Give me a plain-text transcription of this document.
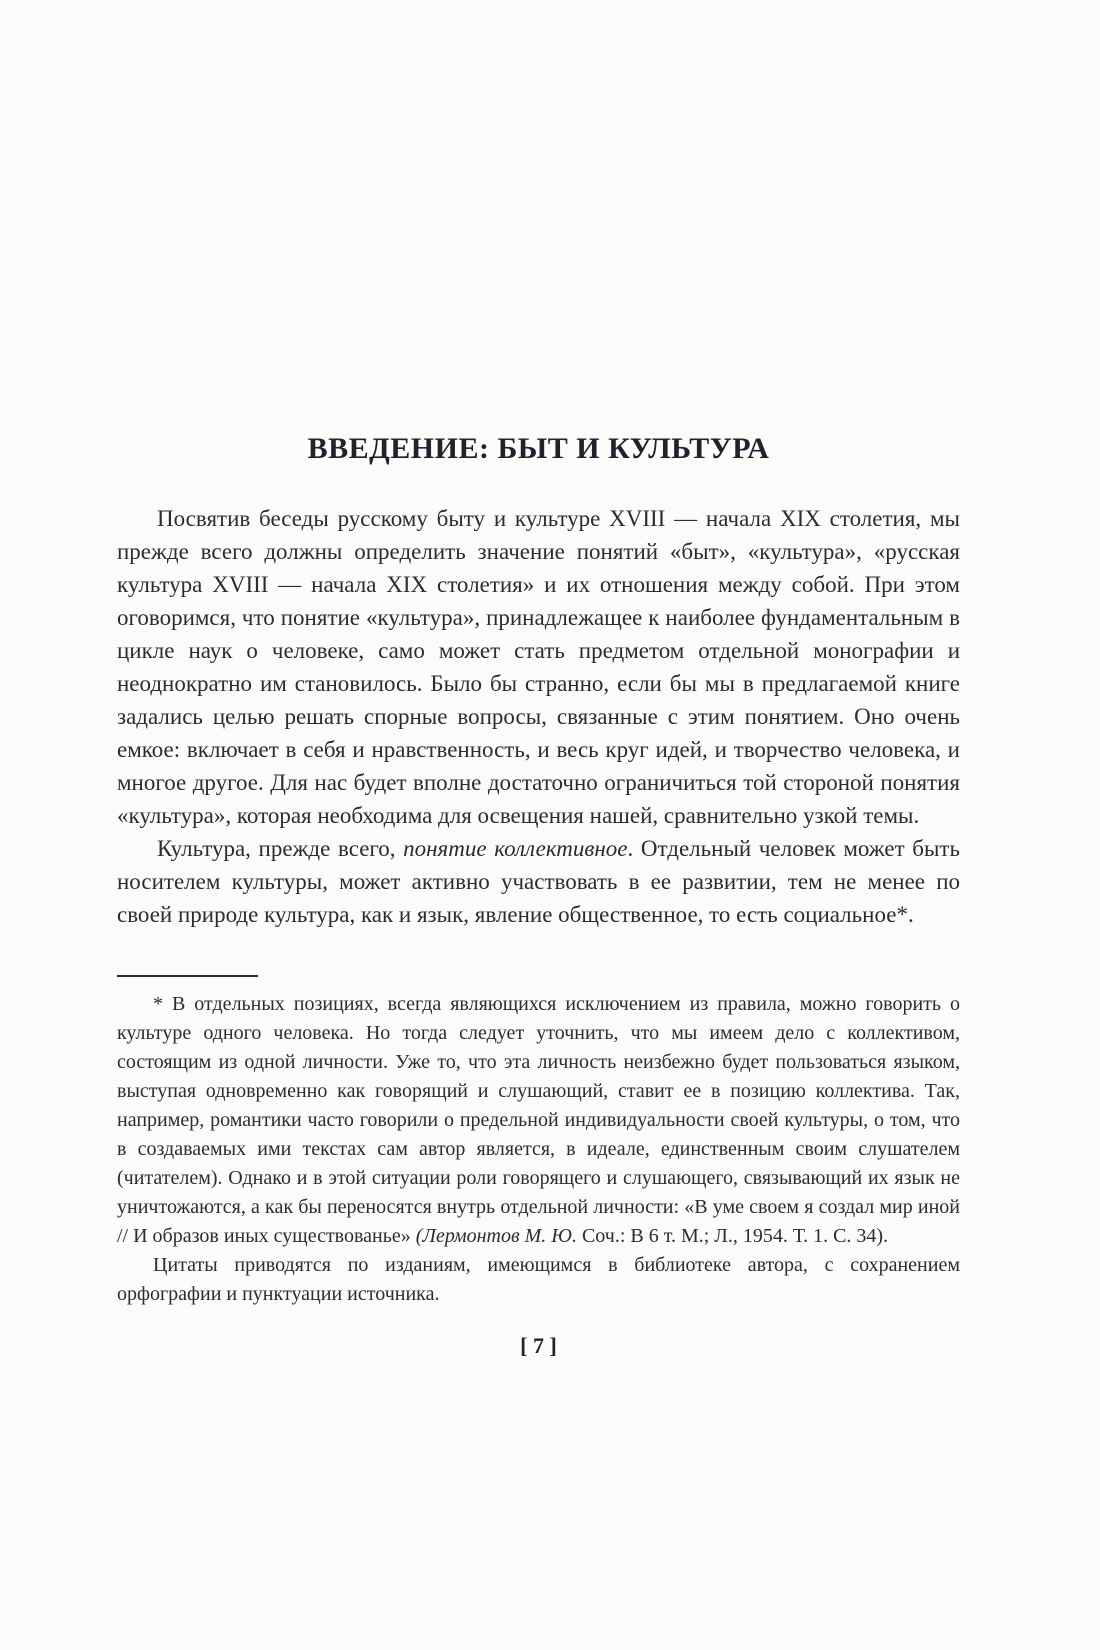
ВВЕДЕНИЕ: БЫТ И КУЛЬТУРА

Посвятив беседы русскому быту и культуре XVIII — начала XIX столетия, мы прежде всего должны определить значение понятий «быт», «культура», «русская культура XVIII — начала XIX столетия» и их отношения между собой. При этом оговоримся, что понятие «культура», принадлежащее к наиболее фундаментальным в цикле наук о человеке, само может стать предметом отдельной монографии и неоднократно им становилось. Было бы странно, если бы мы в предлагаемой книге задались целью решать спорные вопросы, связанные с этим понятием. Оно очень емкое: включает в себя и нравственность, и весь круг идей, и творчество человека, и многое другое. Для нас будет вполне достаточно ограничиться той стороной понятия «культура», которая необходима для освещения нашей, сравнительно узкой темы.

Культура, прежде всего, понятие коллективное. Отдельный человек может быть носителем культуры, может активно участвовать в ее развитии, тем не менее по своей природе культура, как и язык, явление общественное, то есть социальное*.

* В отдельных позициях, всегда являющихся исключением из правила, можно говорить о культуре одного человека. Но тогда следует уточнить, что мы имеем дело с коллективом, состоящим из одной личности. Уже то, что эта личность неизбежно будет пользоваться языком, выступая одновременно как говорящий и слушающий, ставит ее в позицию коллектива. Так, например, романтики часто говорили о предельной индивидуальности своей культуры, о том, что в создаваемых ими текстах сам автор является, в идеале, единственным своим слушателем (читателем). Однако и в этой ситуации роли говорящего и слушающего, связывающий их язык не уничтожаются, а как бы переносятся внутрь отдельной личности: «В уме своем я создал мир иной // И образов иных существованье» (Лермонтов М. Ю. Соч.: В 6 т. М.; Л., 1954. Т. 1. С. 34).

Цитаты приводятся по изданиям, имеющимся в библиотеке автора, с сохранением орфографии и пунктуации источника.

[ 7 ]
